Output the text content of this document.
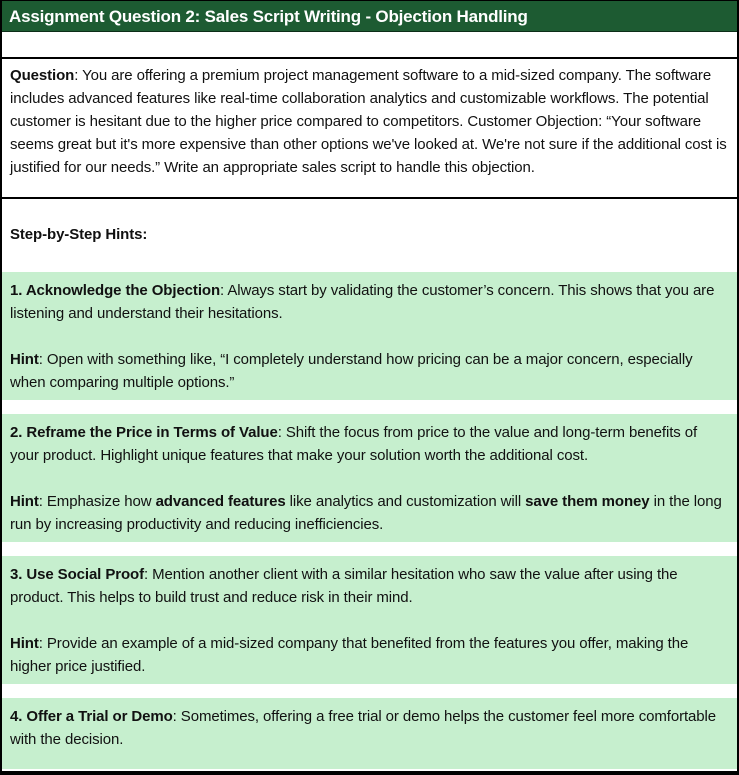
Assignment Question 2: Sales Script Writing - Objection Handling

Question: You are offering a premium project management software to a mid-sized company. The software includes advanced features like real-time collaboration analytics and customizable workflows. The potential customer is hesitant due to the higher price compared to competitors. Customer Objection: “Your software seems great but it's more expensive than other options we've looked at. We're not sure if the additional cost is justified for our needs.” Write an appropriate sales script to handle this objection.

Step-by-Step Hints:

1. Acknowledge the Objection: Always start by validating the customer’s concern. This shows that you are listening and understand their hesitations.

Hint: Open with something like, “I completely understand how pricing can be a major concern, especially when comparing multiple options.”

2. Reframe the Price in Terms of Value: Shift the focus from price to the value and long-term benefits of your product. Highlight unique features that make your solution worth the additional cost.

Hint: Emphasize how advanced features like analytics and customization will save them money in the long run by increasing productivity and reducing inefficiencies.

3. Use Social Proof: Mention another client with a similar hesitation who saw the value after using the product. This helps to build trust and reduce risk in their mind.

Hint: Provide an example of a mid-sized company that benefited from the features you offer, making the higher price justified.

4. Offer a Trial or Demo: Sometimes, offering a free trial or demo helps the customer feel more comfortable with the decision.
